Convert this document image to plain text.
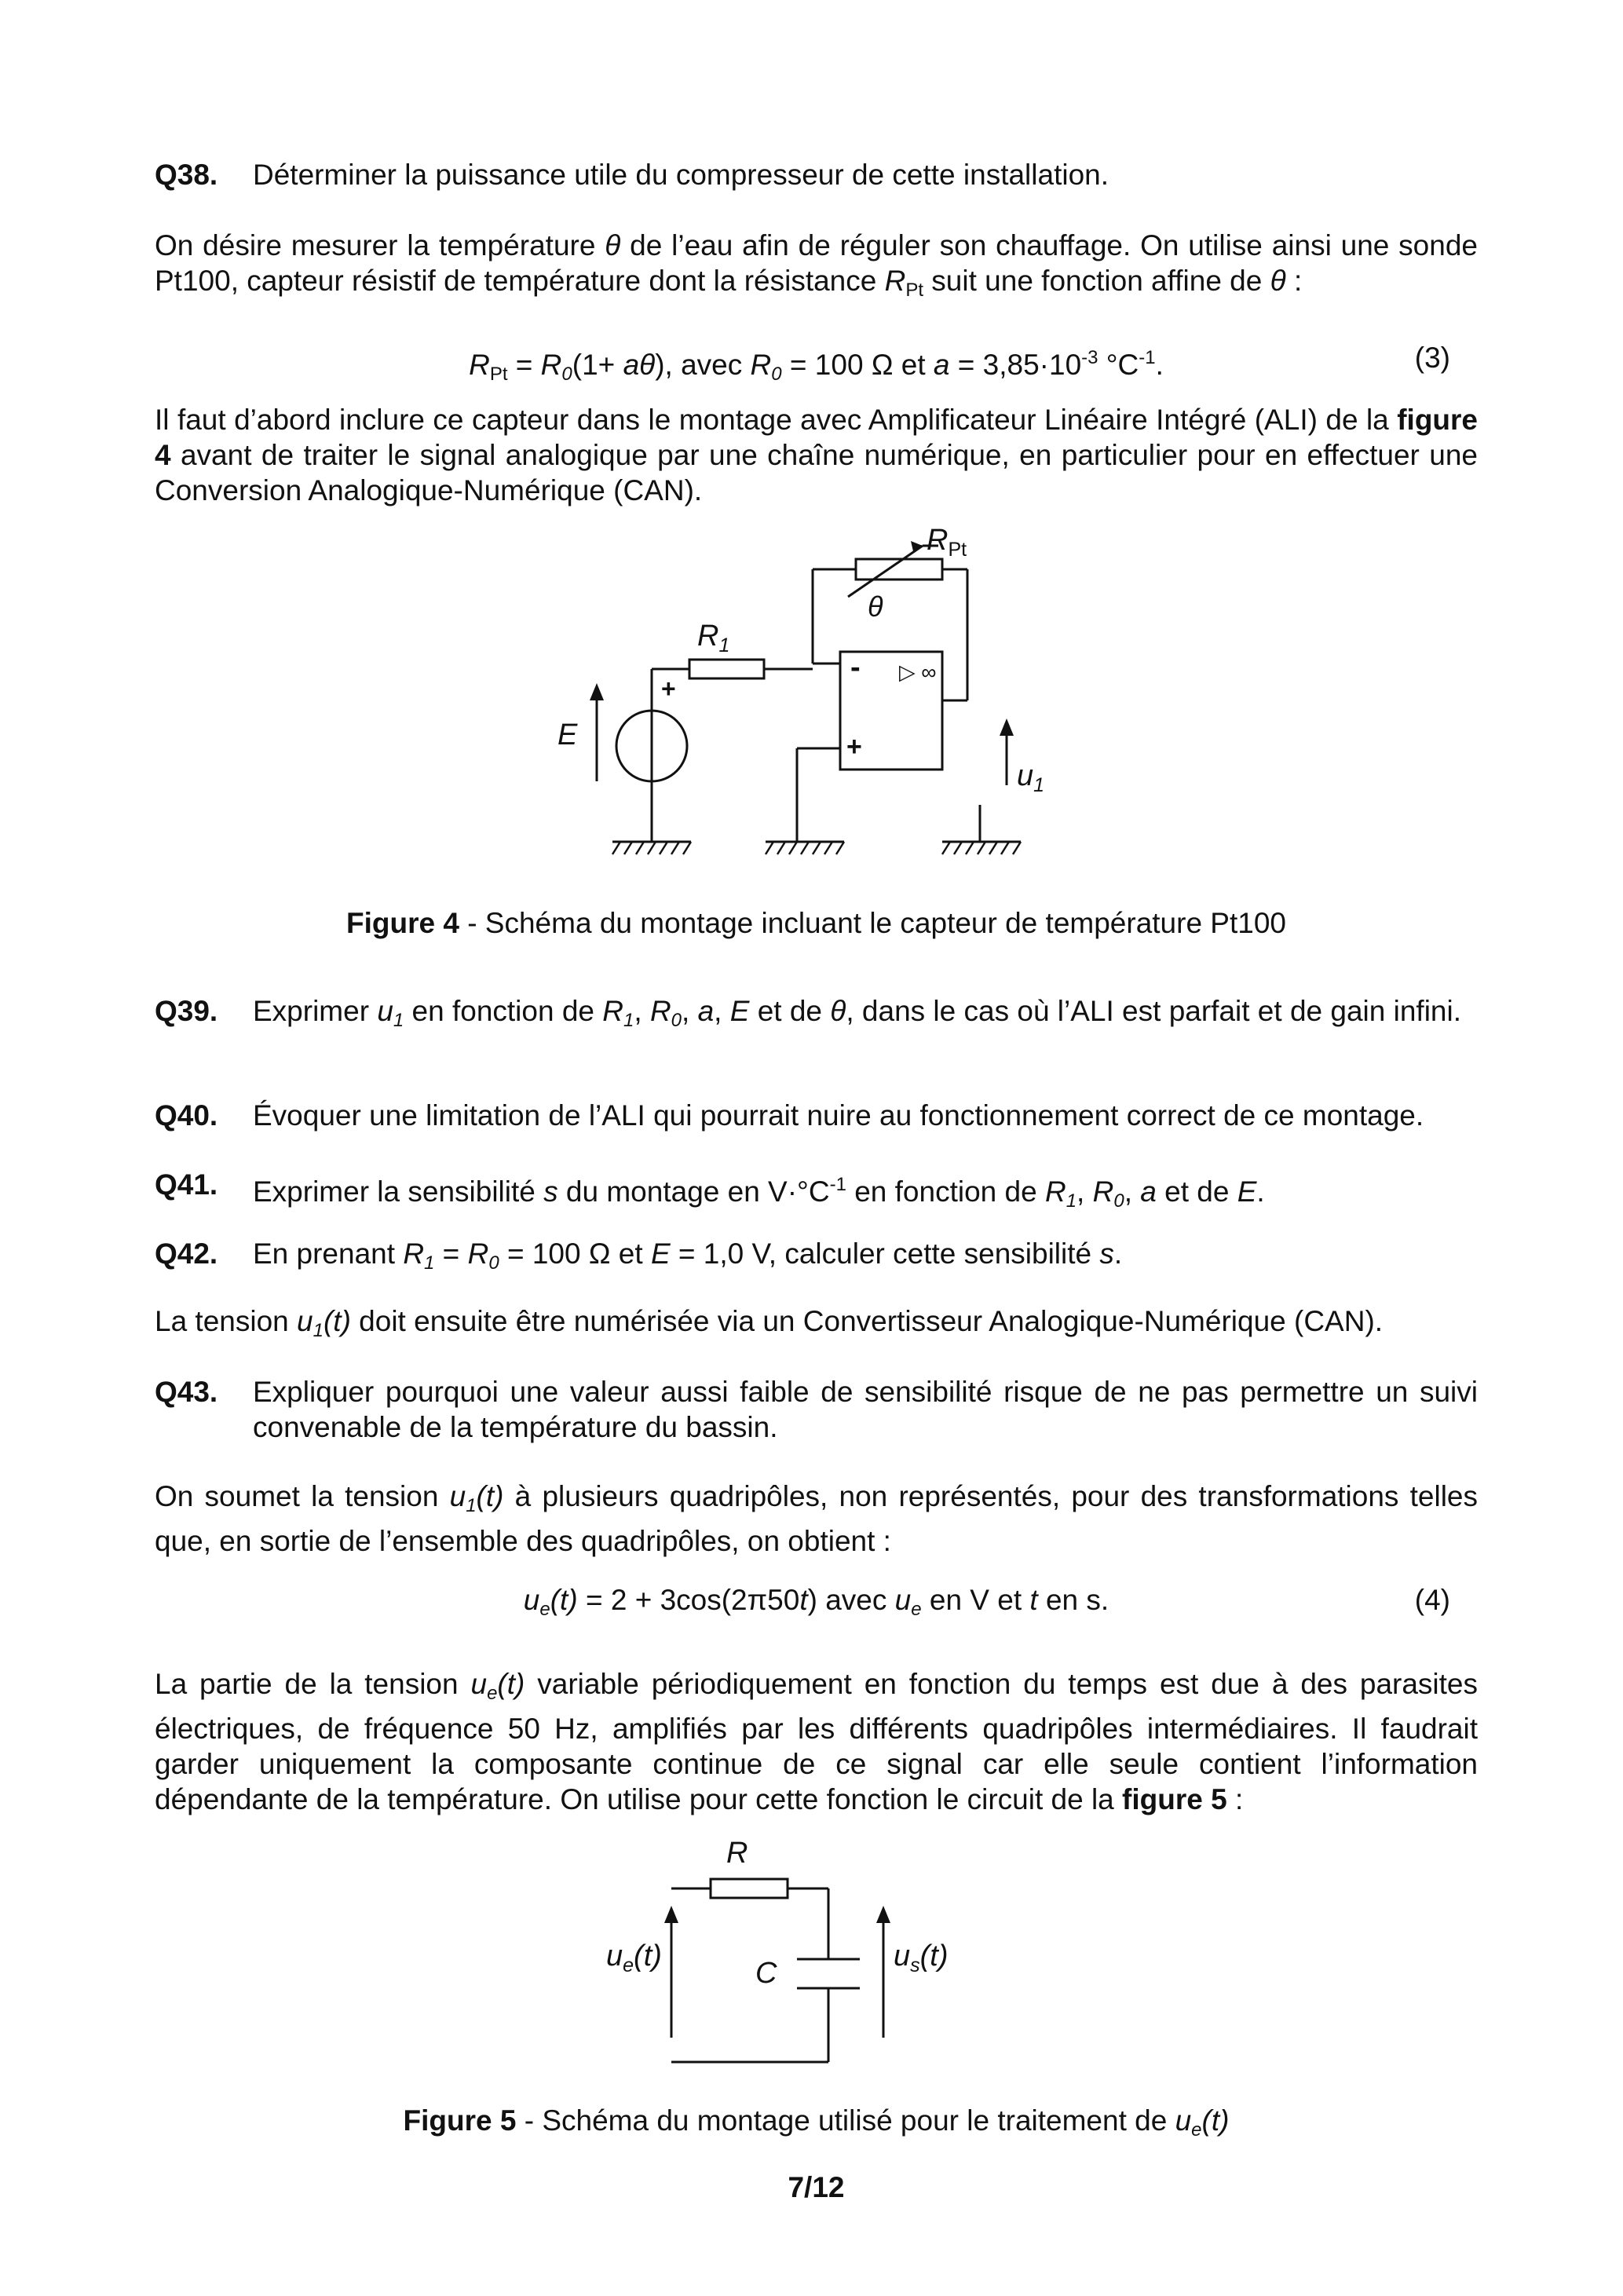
Q38. Déterminer la puissance utile du compresseur de cette installation.
On désire mesurer la température θ de l’eau afin de réguler son chauffage. On utilise ainsi une sonde Pt100, capteur résistif de température dont la résistance $R_{Pt}$ suit une fonction affine de θ :
$R_{Pt} = R_0(1+ a\theta)$, avec $R_0 = 100$ Ω et $a = 3,85\cdot 10^{-3}$ $^\circ C^{-1}$.	(3)
Il faut d’abord inclure ce capteur dans le montage avec Amplificateur Linéaire Intégré (ALI) de la figure 4 avant de traiter le signal analogique par une chaîne numérique, en particulier pour en effectuer une Conversion Analogique-Numérique (CAN).
$R_{Pt}$
θ
$R_1$
- ▷ ∞
+
+
E
$u_1$
Figure 4 - Schéma du montage incluant le capteur de température Pt100
Q39. Exprimer $u_1$ en fonction de $R_1$, $R_0$, a, E et de θ, dans le cas où l’ALI est parfait et de gain infini.
Q40. Évoquer une limitation de l’ALI qui pourrait nuire au fonctionnement correct de ce montage.
Q41. Exprimer la sensibilité s du montage en $V\cdot^\circ C^{-1}$ en fonction de $R_1$, $R_0$, a et de E.
Q42. En prenant $R_1 = R_0 = 100$ Ω et E = 1,0 V, calculer cette sensibilité s.
La tension $u_1(t)$ doit ensuite être numérisée via un Convertisseur Analogique-Numérique (CAN).
Q43. Expliquer pourquoi une valeur aussi faible de sensibilité risque de ne pas permettre un suivi convenable de la température du bassin.
On soumet la tension $u_1(t)$ à plusieurs quadripôles, non représentés, pour des transformations telles que, en sortie de l’ensemble des quadripôles, on obtient :
$u_e(t) = 2 + 3\cos(2\pi 50t)$ avec $u_e$ en V et t en s.	(4)
La partie de la tension $u_e(t)$ variable périodiquement en fonction du temps est due à des parasites électriques, de fréquence 50 Hz, amplifiés par les différents quadripôles intermédiaires. Il faudrait garder uniquement la composante continue de ce signal car elle seule contient l’information dépendante de la température. On utilise pour cette fonction le circuit de la figure 5 :
R
C
$u_e(t)$	$u_s(t)$
Figure 5 - Schéma du montage utilisé pour le traitement de $u_e(t)$
7/12
